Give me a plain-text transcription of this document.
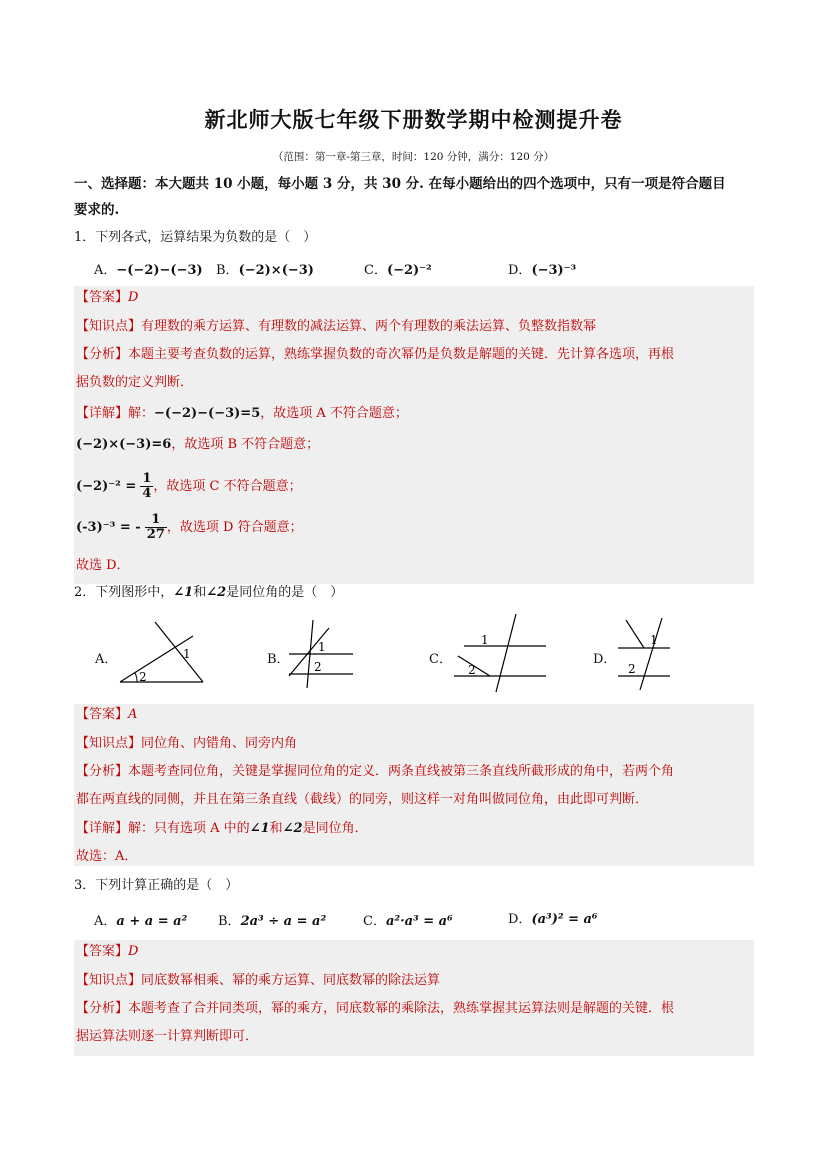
新北师大版七年级下册数学期中检测提升卷
（范围：第一章-第三章，时间：120 分钟，满分：120 分）
一、选择题：本大题共 10 小题，每小题 3 分，共 30 分. 在每小题给出的四个选项中，只有一项是符合题目
要求的.
1．下列各式，运算结果为负数的是（　）
A．−(−2)−(−3) B．(−2)×(−3)	C．(−2)⁻²	D．(−3)⁻³
【答案】D
【知识点】有理数的乘方运算、有理数的减法运算、两个有理数的乘法运算、负整数指数幂
【分析】本题主要考查负数的运算，熟练掌握负数的奇次幂仍是负数是解题的关键．先计算各选项，再根
据负数的定义判断．
【详解】解：−(−2)−(−3)=5，故选项 A 不符合题意；
(−2)×(−3)=6，故选项 B 不符合题意；
$(-2)^{-2} = \frac{1}{4}$ ，故选项 C 不符合题意；
(-3)⁻³ = - $\frac{1}{27}$ ，故选项 D 符合题意；
故选 D．
2．下列图形中，∠1和∠2是同位角的是（　）
A．
2
1	B．
1
2	C．
1
2
D．
1
2
【答案】A
【知识点】同位角、内错角、同旁内角
【分析】本题考查同位角，关键是掌握同位角的定义．两条直线被第三条直线所截形成的角中，若两个角
都在两直线的同侧，并且在第三条直线（截线）的同旁，则这样一对角叫做同位角，由此即可判断．
【详解】解：只有选项 A 中的∠1和∠2是同位角．
故选：A．
3．下列计算正确的是（　）
A．a + a = a² B．2a³ ÷ a = a²	C．a²·a³ = a⁶	D．(a³)² = a⁶
【答案】D
【知识点】同底数幂相乘、幂的乘方运算、同底数幂的除法运算
【分析】本题考查了合并同类项，幂的乘方，同底数幂的乘除法，熟练掌握其运算法则是解题的关键．根
据运算法则逐一计算判断即可．
